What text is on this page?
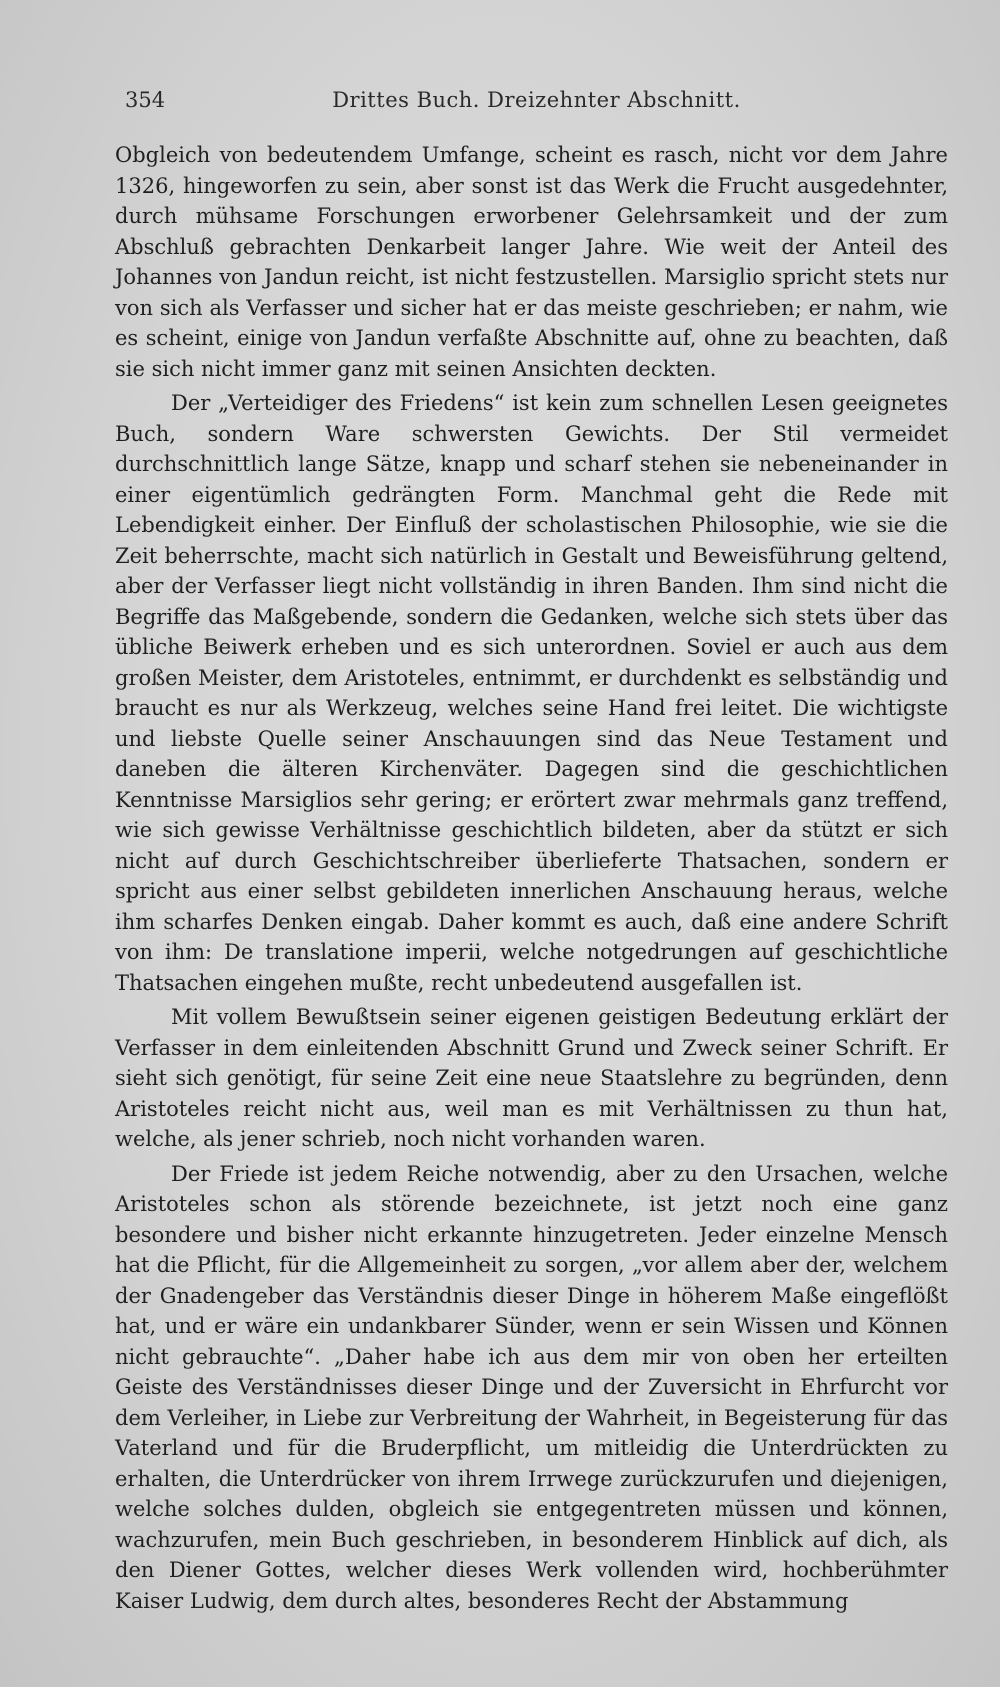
354	Drittes Buch. Dreizehnter Abschnitt.

Obgleich von bedeutendem Umfange, scheint es rasch, nicht vor dem Jahre 1326, hingeworfen zu sein, aber sonst ist das Werk die Frucht ausgedehnter, durch mühsame Forschungen erworbener Gelehrsamkeit und der zum Abschluß gebrachten Denkarbeit langer Jahre. Wie weit der Anteil des Johannes von Jandun reicht, ist nicht festzustellen. Marsiglio spricht stets nur von sich als Verfasser und sicher hat er das meiste geschrieben; er nahm, wie es scheint, einige von Jandun verfaßte Abschnitte auf, ohne zu beachten, daß sie sich nicht immer ganz mit seinen Ansichten deckten.

Der „Verteidiger des Friedens“ ist kein zum schnellen Lesen geeignetes Buch, sondern Ware schwersten Gewichts. Der Stil vermeidet durchschnittlich lange Sätze, knapp und scharf stehen sie nebeneinander in einer eigentümlich gedrängten Form. Manchmal geht die Rede mit Lebendigkeit einher. Der Einfluß der scholastischen Philosophie, wie sie die Zeit beherrschte, macht sich natürlich in Gestalt und Beweisführung geltend, aber der Verfasser liegt nicht vollständig in ihren Banden. Ihm sind nicht die Begriffe das Maßgebende, sondern die Gedanken, welche sich stets über das übliche Beiwerk erheben und es sich unterordnen. Soviel er auch aus dem großen Meister, dem Aristoteles, entnimmt, er durchdenkt es selbständig und braucht es nur als Werkzeug, welches seine Hand frei leitet. Die wichtigste und liebste Quelle seiner Anschauungen sind das Neue Testament und daneben die älteren Kirchenväter. Dagegen sind die geschichtlichen Kenntnisse Marsiglios sehr gering; er erörtert zwar mehrmals ganz treffend, wie sich gewisse Verhältnisse geschichtlich bildeten, aber da stützt er sich nicht auf durch Geschichtschreiber überlieferte Thatsachen, sondern er spricht aus einer selbst gebildeten innerlichen Anschauung heraus, welche ihm scharfes Denken eingab. Daher kommt es auch, daß eine andere Schrift von ihm: De translatione imperii, welche notgedrungen auf geschichtliche Thatsachen eingehen mußte, recht unbedeutend ausgefallen ist.

Mit vollem Bewußtsein seiner eigenen geistigen Bedeutung erklärt der Verfasser in dem einleitenden Abschnitt Grund und Zweck seiner Schrift. Er sieht sich genötigt, für seine Zeit eine neue Staatslehre zu begründen, denn Aristoteles reicht nicht aus, weil man es mit Verhältnissen zu thun hat, welche, als jener schrieb, noch nicht vorhanden waren.

Der Friede ist jedem Reiche notwendig, aber zu den Ursachen, welche Aristoteles schon als störende bezeichnete, ist jetzt noch eine ganz besondere und bisher nicht erkannte hinzugetreten. Jeder einzelne Mensch hat die Pflicht, für die Allgemeinheit zu sorgen, „vor allem aber der, welchem der Gnadengeber das Verständnis dieser Dinge in höherem Maße eingeflößt hat, und er wäre ein undankbarer Sünder, wenn er sein Wissen und Können nicht gebrauchte“. „Daher habe ich aus dem mir von oben her erteilten Geiste des Verständnisses dieser Dinge und der Zuversicht in Ehrfurcht vor dem Verleiher, in Liebe zur Verbreitung der Wahrheit, in Begeisterung für das Vaterland und für die Bruderpflicht, um mitleidig die Unterdrückten zu erhalten, die Unterdrücker von ihrem Irrwege zurückzurufen und diejenigen, welche solches dulden, obgleich sie entgegentreten müssen und können, wachzurufen, mein Buch geschrieben, in besonderem Hinblick auf dich, als den Diener Gottes, welcher dieses Werk vollenden wird, hochberühmter Kaiser Ludwig, dem durch altes, besonderes Recht der Abstammung
